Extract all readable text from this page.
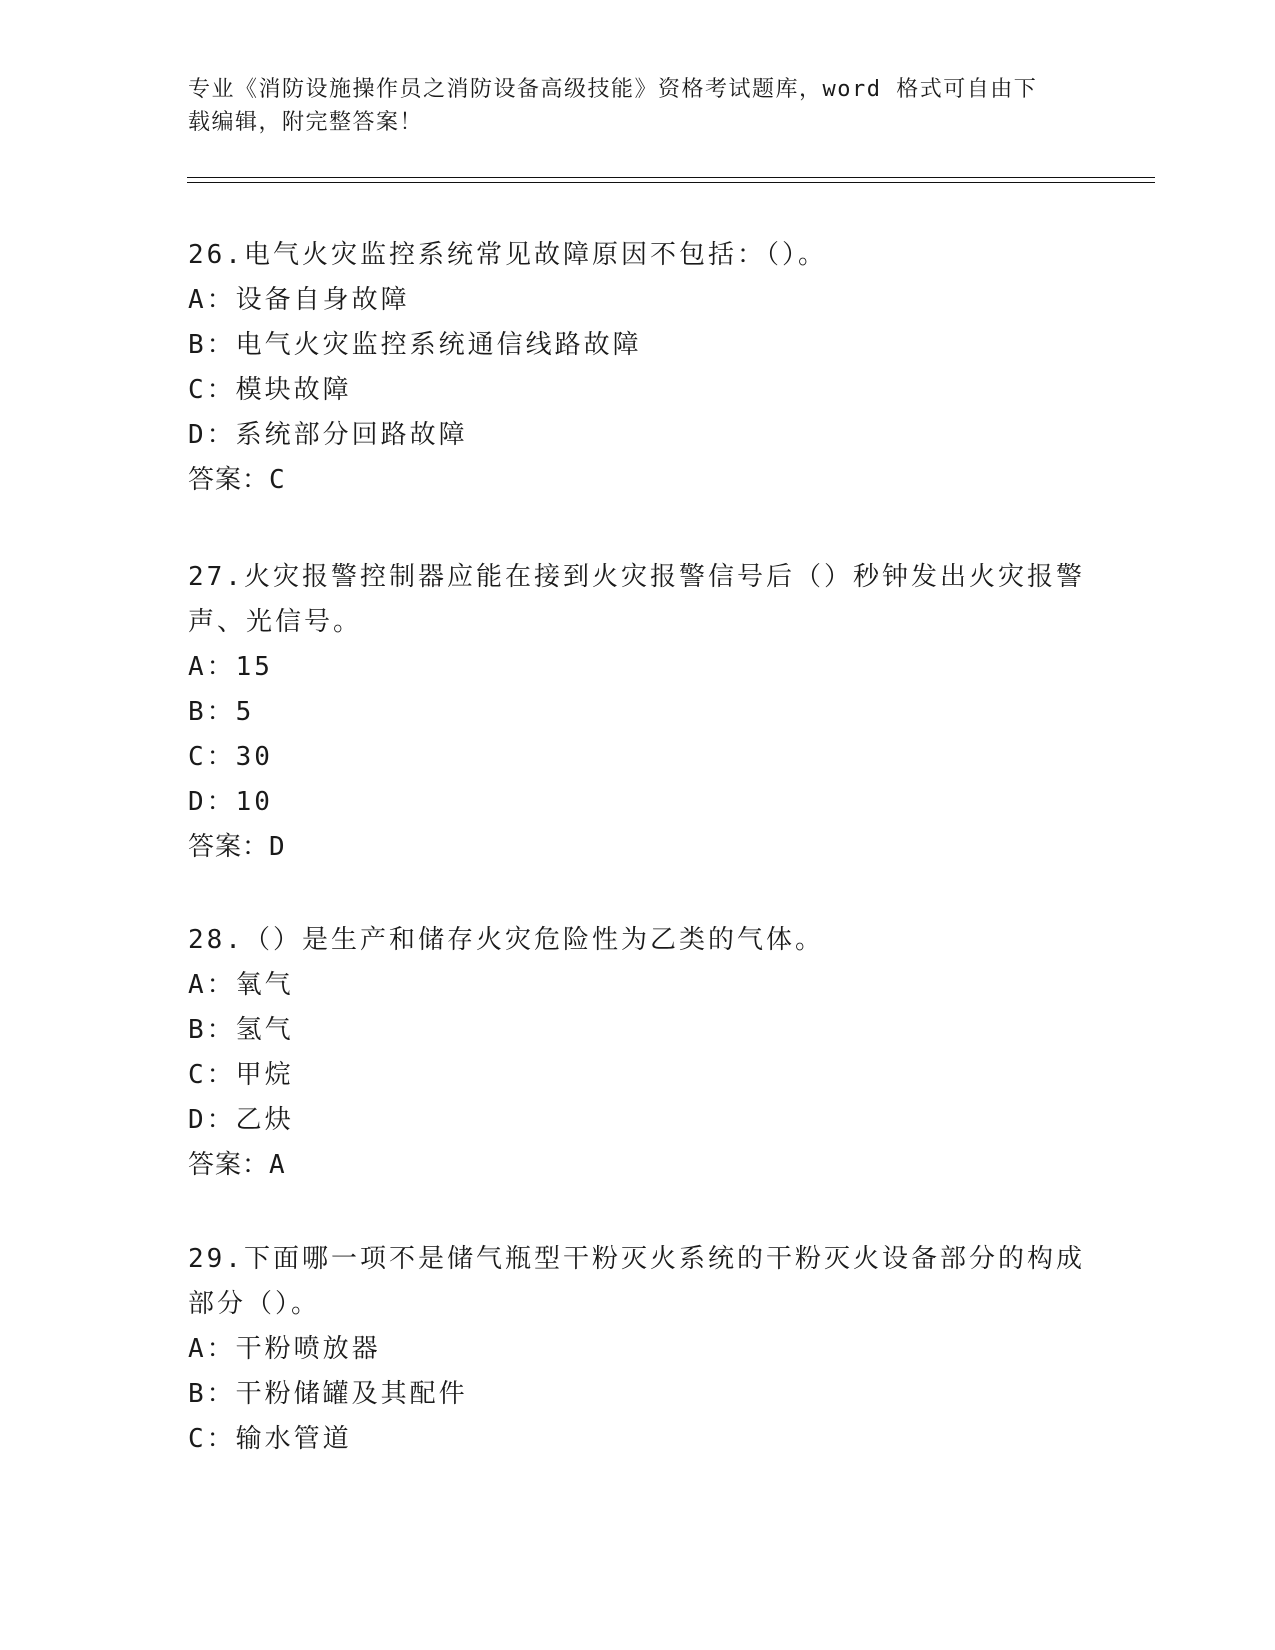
专业《消防设施操作员之消防设备高级技能》资格考试题库，word 格式可自由下
载编辑，附完整答案！
26.电气火灾监控系统常见故障原因不包括：（）。
A：设备自身故障
B：电气火灾监控系统通信线路故障
C：模块故障
D：系统部分回路故障
答案：C
27.火灾报警控制器应能在接到火灾报警信号后（）秒钟发出火灾报警声、光信号。
A：15
B：5
C：30
D：10
答案：D
28.（）是生产和储存火灾危险性为乙类的气体。
A：氧气
B：氢气
C：甲烷
D：乙炔
答案：A
29.下面哪一项不是储气瓶型干粉灭火系统的干粉灭火设备部分的构成部分（）。
A：干粉喷放器
B：干粉储罐及其配件
C：输水管道
